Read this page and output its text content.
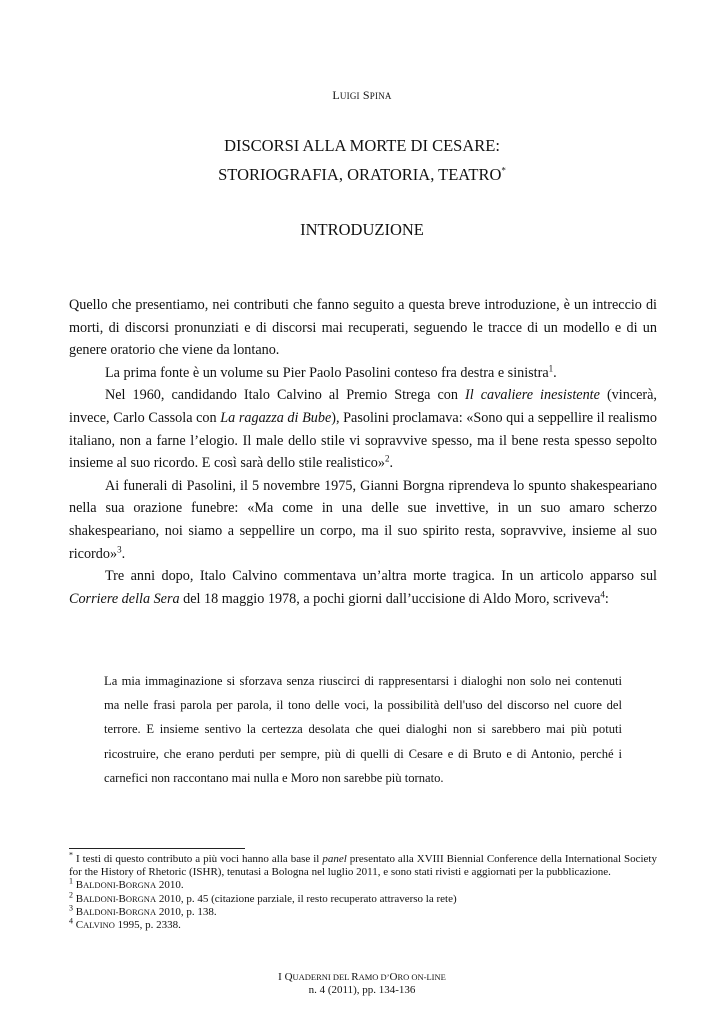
LUIGI SPINA
DISCORSI ALLA MORTE DI CESARE:
STORIOGRAFIA, ORATORIA, TEATRO*
INTRODUZIONE

Quello che presentiamo, nei contributi che fanno seguito a questa breve introduzione, è un intreccio di morti, di discorsi pronunziati e di discorsi mai recuperati, seguendo le tracce di un modello e di un genere oratorio che viene da lontano.

La prima fonte è un volume su Pier Paolo Pasolini conteso fra destra e sinistra$^1$.

Nel 1960, candidando Italo Calvino al Premio Strega con Il cavaliere inesistente (vincerà, invece, Carlo Cassola con La ragazza di Bube), Pasolini proclamava: «Sono qui a seppellire il realismo italiano, non a farne l’elogio. Il male dello stile vi sopravvive spesso, ma il bene resta spesso sepolto insieme al suo ricordo. E così sarà dello stile realistico»$^2$.

Ai funerali di Pasolini, il 5 novembre 1975, Gianni Borgna riprendeva lo spunto shakespeariano nella sua orazione funebre: «Ma come in una delle sue invettive, in un suo amaro scherzo shakespeariano, noi siamo a seppellire un corpo, ma il suo spirito resta, sopravvive, insieme al suo ricordo»$^3$.

Tre anni dopo, Italo Calvino commentava un’altra morte tragica. In un articolo apparso sul Corriere della Sera del 18 maggio 1978, a pochi giorni dall’uccisione di Aldo Moro, scriveva$^4$:

La mia immaginazione si sforzava senza riuscirci di rappresentarsi i dialoghi non solo nei contenuti ma nelle frasi parola per parola, il tono delle voci, la possibilità dell'uso del discorso nel cuore del terrore. E insieme sentivo la certezza desolata che quei dialoghi non si sarebbero mai più potuti ricostruire, che erano perduti per sempre, più di quelli di Cesare e di Bruto e di Antonio, perché i carnefici non raccontano mai nulla e Moro non sarebbe più tornato.

* I testi di questo contributo a più voci hanno alla base il panel presentato alla XVIII Biennial Conference della International Society for the History of Rhetoric (ISHR), tenutasi a Bologna nel luglio 2011, e sono stati rivisti e aggiornati per la pubblicazione.

$^1$ BALDONI-BORGNA 2010.

$^2$ BALDONI-BORGNA 2010, p. 45 (citazione parziale, il resto recuperato attraverso la rete)

$^3$ BALDONI-BORGNA 2010, p. 138.

$^4$ CALVINO 1995, p. 2338.

I QUADERNI DEL RAMO D’ORO ON-LINE
n. 4 (2011), pp. 134-136
